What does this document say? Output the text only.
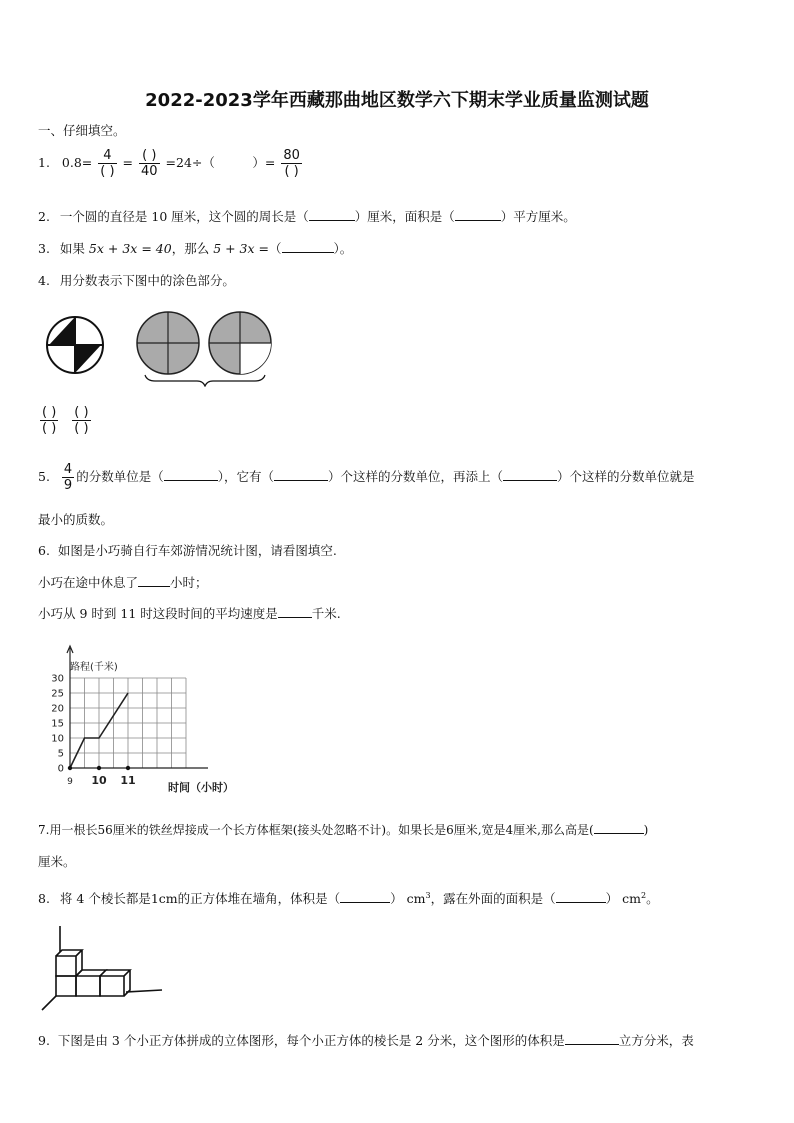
2022-2023学年西藏那曲地区数学六下期末学业质量监测试题
一、仔细填空。
1. $0.8= \frac{4}{( )} = \frac{( )}{40} =24\div$（　　　）= $\frac{80}{( )}$
2. 一个圆的直径是 10 厘米，这个圆的周长是（	）厘米，面积是（	）平方厘米。
3. 如果 5x + 3x = 40，那么 5 + 3x =（	）。
4. 用分数表示下图中的涂色部分。
$\frac{( )}{( )}$
$\frac{( )}{( )}$
5. $\frac{4}{9}$ 的分数单位是（	），它有（	）个这样的分数单位，再添上（	）个这样的分数单位就是
最小的质数。
6. 如图是小巧骑自行车郊游情况统计图，请看图填空.
小巧在途中休息了	小时；
小巧从 9 时到 11 时这段时间的平均速度是	千米.
0
5
10
15
20
25
30
9 10 11
路程(千米)
时间（小时）
7.用一根长56厘米的铁丝焊接成一个长方体框架(接头处忽略不计)。如果长是6厘米,宽是4厘米,那么高是(	)
厘米。
8. 将 4 个棱长都是1cm的正方体堆在墙角，体积是（	） $cm^3$，露在外面的面积是（	） $cm^2$。
9. 下图是由 3 个小正方体拼成的立体图形，每个小正方体的棱长是 2 分米，这个图形的体积是	立方分米，表
